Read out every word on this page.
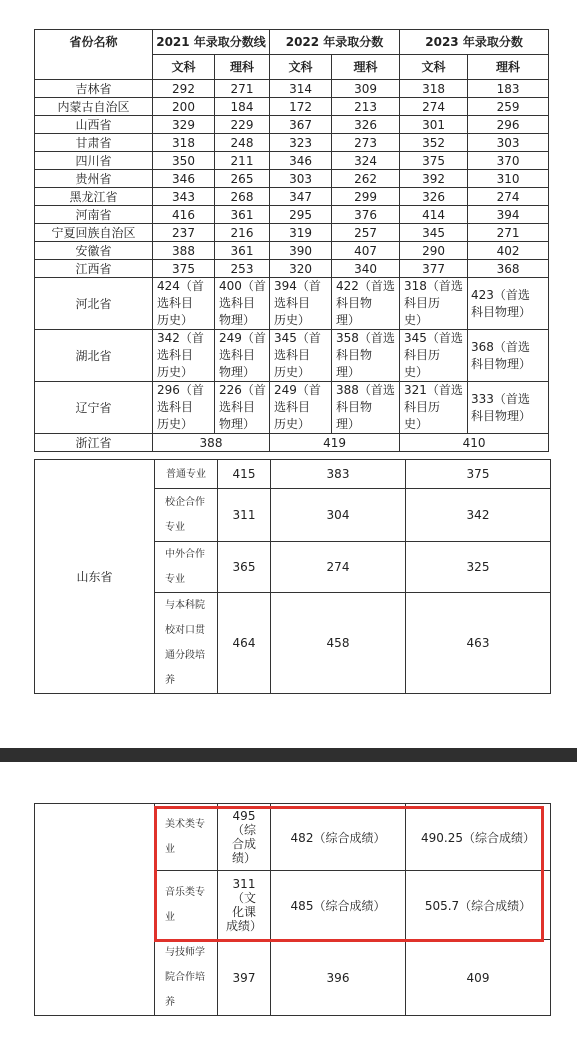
省份名称	2021 年录取分数线		2022 年录取分数		2023 年录取分数	
	文科	理科	文科	理科	文科	理科
吉林省	292	271	314	309	318	183
内蒙古自治区	200	184	172	213	274	259
山西省	329	229	367	326	301	296
甘肃省	318	248	323	273	352	303
四川省	350	211	346	324	375	370
贵州省	346	265	303	262	392	310
黑龙江省	343	268	347	299	326	274
河南省	416	361	295	376	414	394
宁夏回族自治区	237	216	319	257	345	271
安徽省	388	361	390	407	290	402
江西省	375	253	320	340	377	368
河北省	424（首
选科目
历史）	400（首
选科目
物理）	394（首
选科目
历史）	422（首选
科目物
理）	318（首选
科目历
史）	423（首选
科目物理）
湖北省	342（首
选科目
历史）	249（首
选科目
物理）	345（首
选科目
历史）	358（首选
科目物
理）	345（首选
科目历
史）	368（首选
科目物理）
辽宁省	296（首
选科目
历史）	226（首
选科目
物理）	249（首
选科目
历史）	388（首选
科目物
理）	321（首选
科目历
史）	333（首选
科目物理）
浙江省	388		419		410	
山东省	普通专业	415	383	375
	校企合作
专业	311	304	342
	中外合作
专业	365	274	325
	与本科院
校对口贯
通分段培
养	464	458	463
	美术类专
业	495
（综
合成
绩）	482（综合成绩）	490.25（综合成绩）
	音乐类专
业	311
（文
化课
成绩）	485（综合成绩）	505.7（综合成绩）
	与技师学
院合作培
养	397	396	409
